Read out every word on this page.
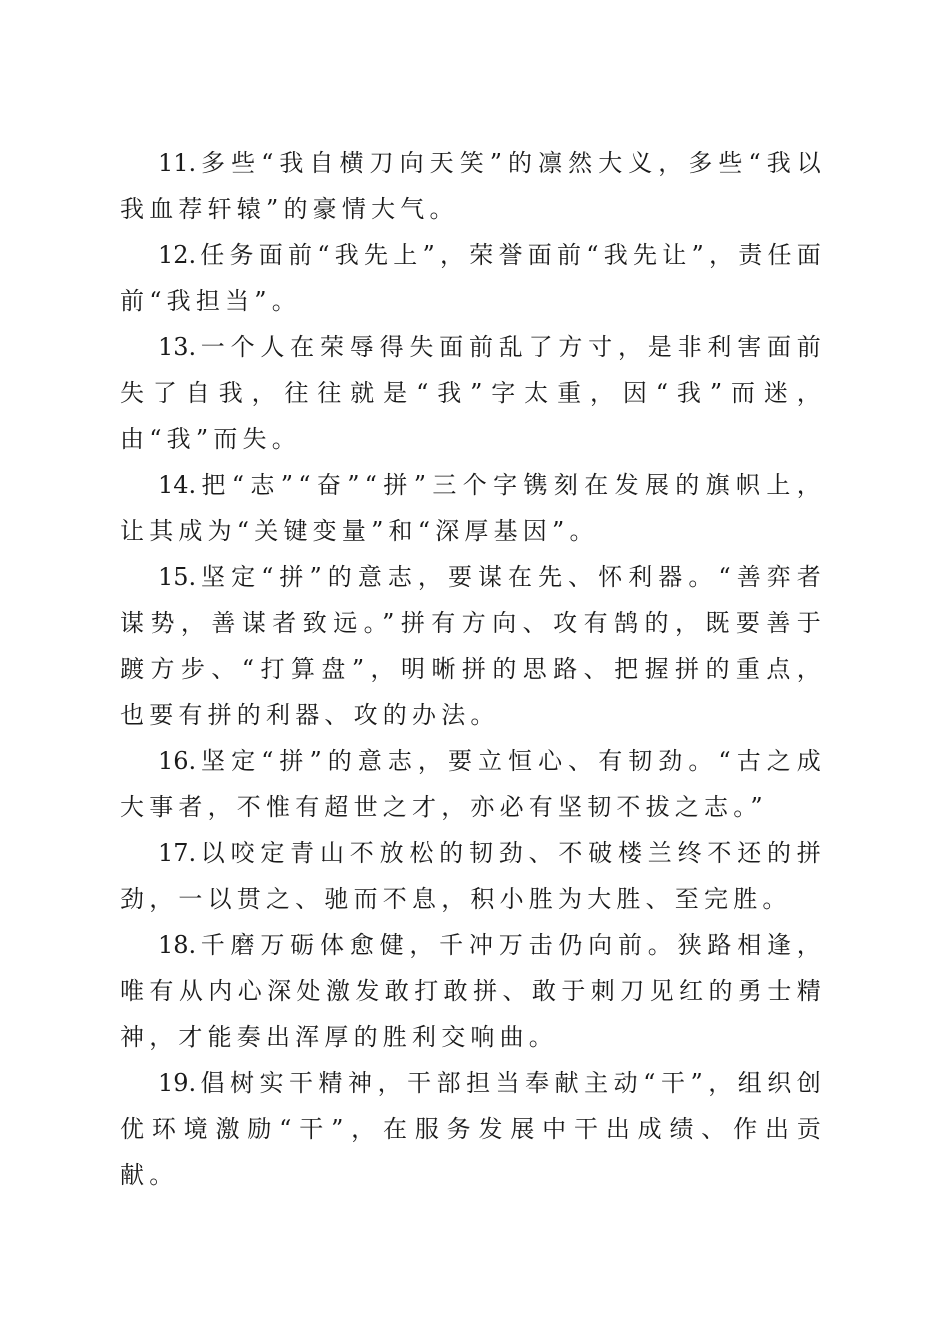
11. 多些“我自横刀向天笑”的凛然大义，多些“我以我血荐轩辕”的豪情大气。

12. 任务面前“我先上”，荣誉面前“我先让”，责任面前“我担当”。

13. 一个人在荣辱得失面前乱了方寸，是非利害面前失了自我，往往就是“我”字太重，因“我”而迷，由“我”而失。

14. 把“志”“奋”“拼”三个字镌刻在发展的旗帜上，让其成为“关键变量”和“深厚基因”。

15. 坚定“拼”的意志，要谋在先、怀利器。“善弈者谋势，善谋者致远。”拼有方向、攻有鹄的，既要善于踱方步、“打算盘”，明晰拼的思路、把握拼的重点，也要有拼的利器、攻的办法。

16. 坚定“拼”的意志，要立恒心、有韧劲。“古之成大事者，不惟有超世之才，亦必有坚韧不拔之志。”

17. 以咬定青山不放松的韧劲、不破楼兰终不还的拼劲，一以贯之、驰而不息，积小胜为大胜、至完胜。

18. 千磨万砺体愈健，千冲万击仍向前。狭路相逢，唯有从内心深处激发敢打敢拼、敢于刺刀见红的勇士精神，才能奏出浑厚的胜利交响曲。

19. 倡树实干精神，干部担当奉献主动“干”，组织创优环境激励“干”，在服务发展中干出成绩、作出贡献。
